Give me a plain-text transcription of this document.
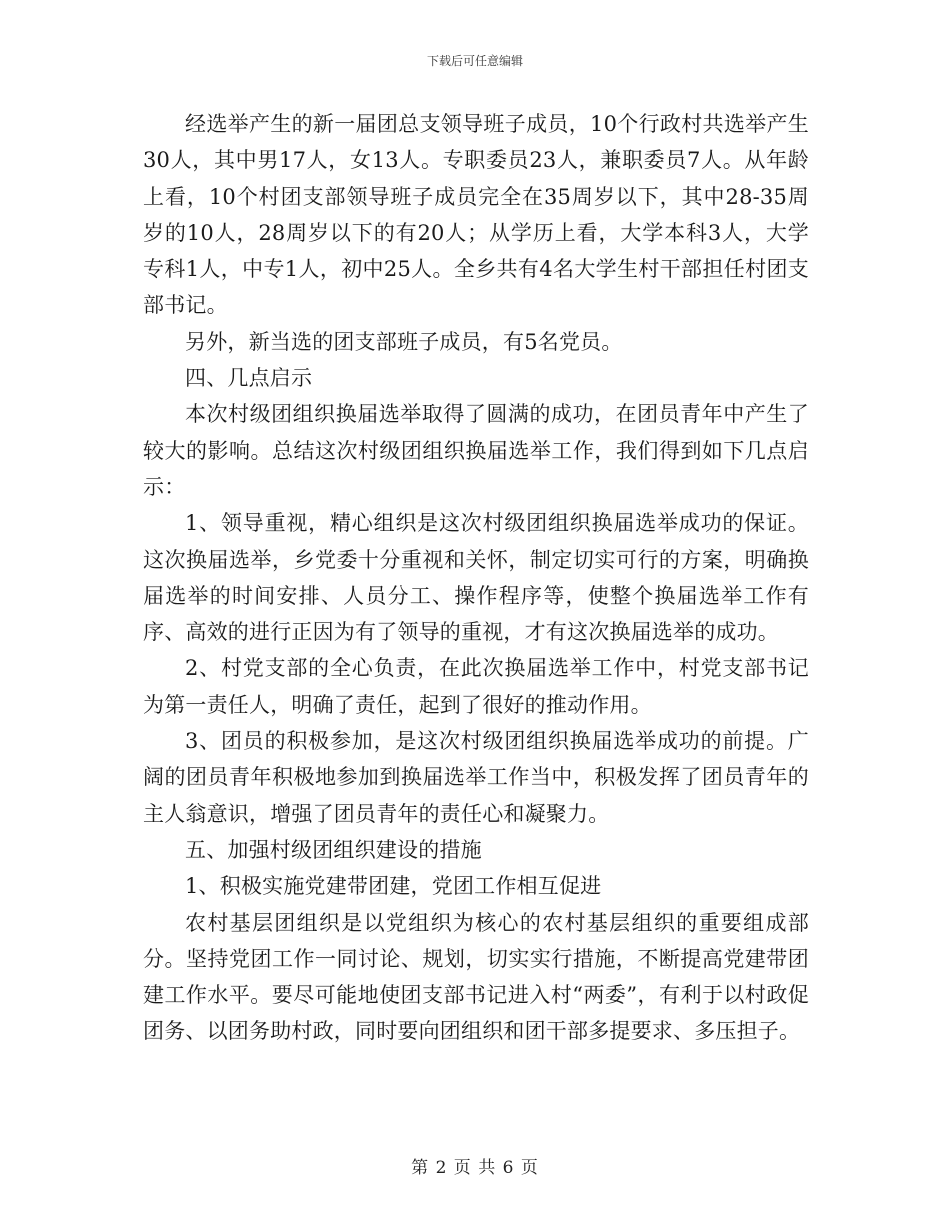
下载后可任意编辑

经选举产生的新一届团总支领导班子成员，10个行政村共选举产生30人，其中男17人，女13人。专职委员23人，兼职委员7人。从年龄上看，10个村团支部领导班子成员完全在35周岁以下，其中28-35周岁的10人，28周岁以下的有20人；从学历上看，大学本科3人，大学专科1人，中专1人，初中25人。全乡共有4名大学生村干部担任村团支部书记。

另外，新当选的团支部班子成员，有5名党员。

四、几点启示

本次村级团组织换届选举取得了圆满的成功，在团员青年中产生了较大的影响。总结这次村级团组织换届选举工作，我们得到如下几点启示：

1、领导重视，精心组织是这次村级团组织换届选举成功的保证。这次换届选举，乡党委十分重视和关怀，制定切实可行的方案，明确换届选举的时间安排、人员分工、操作程序等，使整个换届选举工作有序、高效的进行正因为有了领导的重视，才有这次换届选举的成功。

2、村党支部的全心负责，在此次换届选举工作中，村党支部书记为第一责任人，明确了责任，起到了很好的推动作用。

3、团员的积极参加，是这次村级团组织换届选举成功的前提。广阔的团员青年积极地参加到换届选举工作当中，积极发挥了团员青年的主人翁意识，增强了团员青年的责任心和凝聚力。

五、加强村级团组织建设的措施

1、积极实施党建带团建，党团工作相互促进

农村基层团组织是以党组织为核心的农村基层组织的重要组成部分。坚持党团工作一同讨论、规划，切实实行措施，不断提高党建带团建工作水平。要尽可能地使团支部书记进入村“两委”，有利于以村政促团务、以团务助村政，同时要向团组织和团干部多提要求、多压担子。

第 2 页 共 6 页
